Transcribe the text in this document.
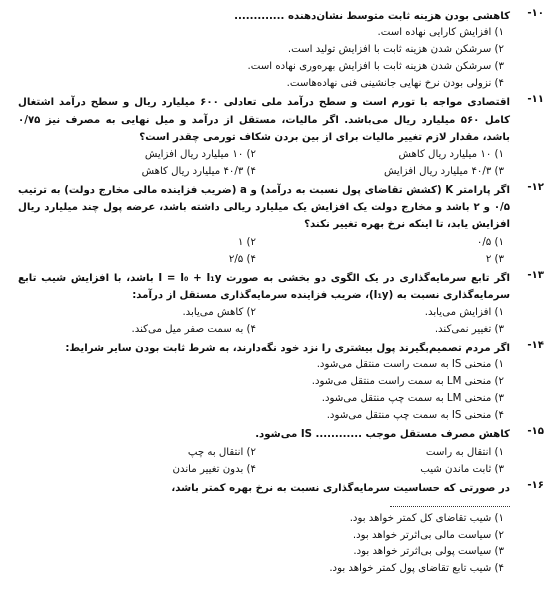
-۱۰
کاهشی بودن هزینه ثابت متوسط نشان‌دهنده .............
۱) افزایش کارایی نهاده است.
۲) سرشکن شدن هزینه ثابت با افزایش تولید است.
۳) سرشکن شدن هزینه ثابت با افزایش بهره‌وری نهاده است.
۴) نزولی بودن نرخ نهایی جانشینی فنی نهاده‌هاست.
-۱۱
اقتصادی مواجه با تورم است و سطح درآمد ملی تعادلی ۶۰۰ میلیارد ریال و سطح درآمد اشتغال کامل ۵۶۰ میلیارد ریال می‌باشد. اگر مالیات، مستقل از درآمد و میل نهایی به مصرف نیز ۰/۷۵ باشد، مقدار لازم تغییر مالیات برای از بین بردن شکاف تورمی چقدر است؟
۱) ۱۰ میلیارد ریال کاهش
۲) ۱۰ میلیارد ریال افزایش
۳) ۴۰/۳ میلیارد ریال افزایش
۴) ۴۰/۳ میلیارد ریال کاهش
-۱۲
اگر پارامتر K (کشش تقاضای پول نسبت به درآمد) و a (ضریب فزاینده مالی مخارج دولت) به ترتیب ۰/۵ و ۲ باشد و مخارج دولت یک افزایش یک میلیارد ریالی داشته باشد، عرضه پول چند میلیارد ریال افزایش یابد، تا اینکه نرخ بهره تغییر نکند؟
۱) ۰/۵
۲) ۱
۳) ۲
۴) ۲/۵
-۱۳
اگر تابع سرمایه‌گذاری در یک الگوی دو بخشی به صورت I = I₀ + I₁y باشد، با افزایش شیب تابع سرمایه‌گذاری نسبت به (I₁y)، ضریب فزاینده سرمایه‌گذاری مستقل از درآمد:
۱) افزایش می‌یابد.
۲) کاهش می‌یابد.
۳) تغییر نمی‌کند.
۴) به سمت صفر میل می‌کند.
-۱۴
اگر مردم تصمیم‌بگیرند پول بیشتری را نزد خود نگه‌دارند، به شرط ثابت بودن سایر شرایط:
۱) منحنی IS به سمت راست منتقل می‌شود.
۲) منحنی LM به سمت راست منتقل می‌شود.
۳) منحنی LM به سمت چپ منتقل می‌شود.
۴) منحنی IS به سمت چپ منتقل می‌شود.
-۱۵
کاهش مصرف مستقل موجب ............ IS می‌شود.
۱) انتقال به راست
۲) انتقال به چپ
۳) ثابت ماندن شیب
۴) بدون تغییر ماندن
-۱۶
در صورتی که حساسیت سرمایه‌گذاری نسبت به نرخ بهره کمتر باشد،
۱) شیب تقاضای کل کمتر خواهد بود.
۲) سیاست مالی بی‌اثرتر خواهد بود.
۳) سیاست پولی بی‌اثرتر خواهد بود.
۴) شیب تابع تقاضای پول کمتر خواهد بود.
